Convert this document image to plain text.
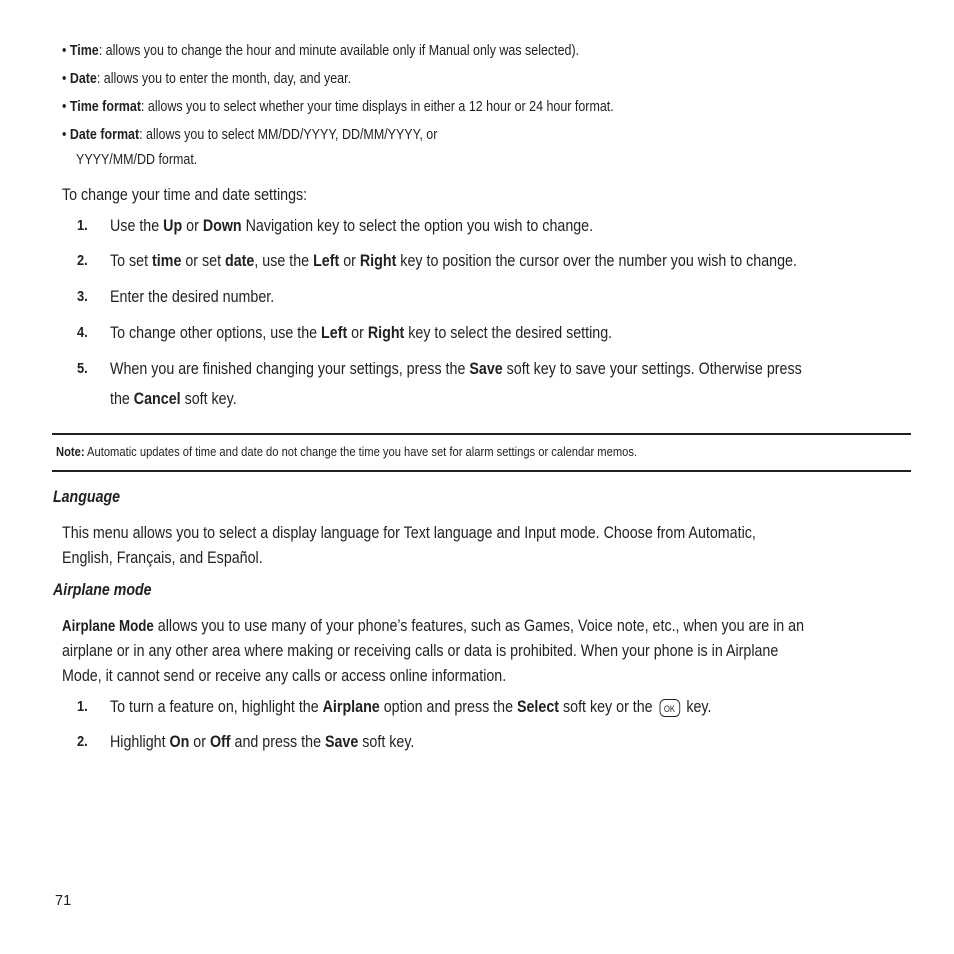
• Time: allows you to change the hour and minute available only if Manual only was selected).
• Date: allows you to enter the month, day, and year.
• Time format: allows you to select whether your time displays in either a 12 hour or 24 hour format.
• Date format: allows you to select MM/DD/YYYY, DD/MM/YYYY, or
YYYY/MM/DD format.
To change your time and date settings:
1. Use the Up or Down Navigation key to select the option you wish to change.
2. To set time or set date, use the Left or Right key to position the cursor over the number you wish to change.
3. Enter the desired number.
4. To change other options, use the Left or Right key to select the desired setting.
5. When you are finished changing your settings, press the Save soft key to save your settings. Otherwise press
the Cancel soft key.
Note: Automatic updates of time and date do not change the time you have set for alarm settings or calendar memos.
Language
This menu allows you to select a display language for Text language and Input mode. Choose from Automatic,
English, Français, and Español.
Airplane mode
Airplane Mode allows you to use many of your phone’s features, such as Games, Voice note, etc., when you are in an
airplane or in any other area where making or receiving calls or data is prohibited. When your phone is in Airplane
Mode, it cannot send or receive any calls or access online information.
1. To turn a feature on, highlight the Airplane option and press the Select soft key or the OK key.
2. Highlight On or Off and press the Save soft key.
71
